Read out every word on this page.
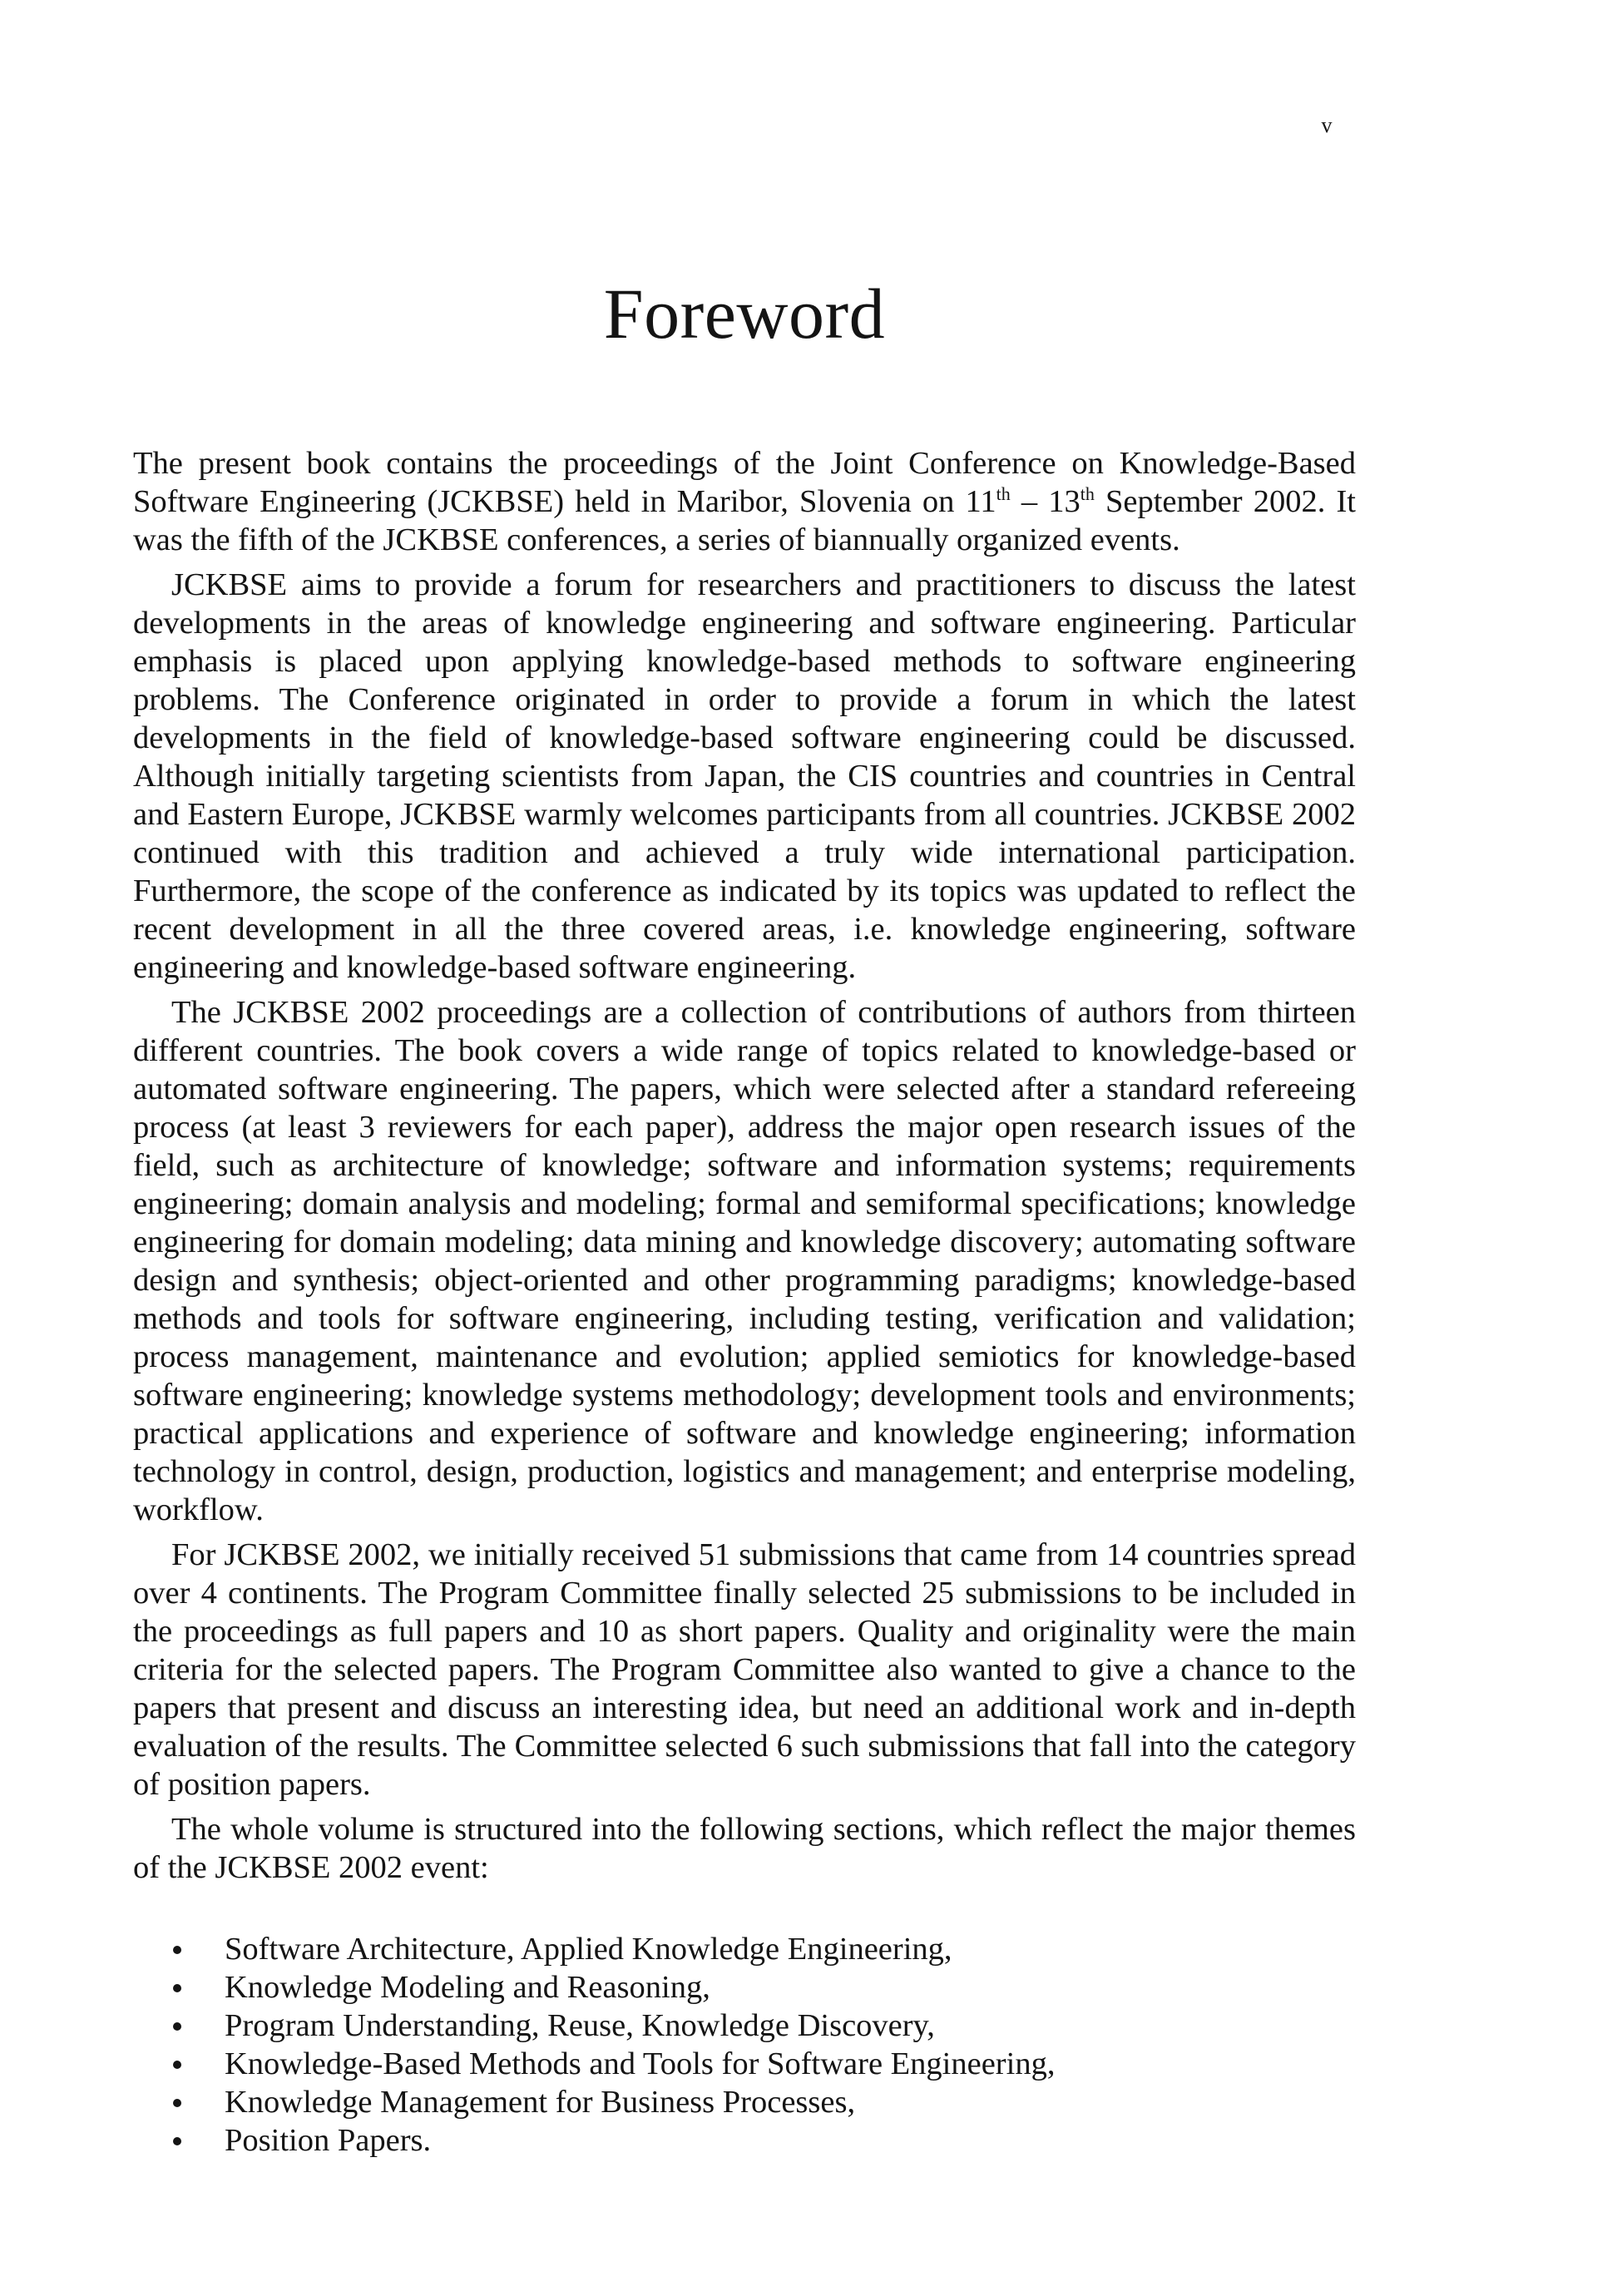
v
Foreword

The present book contains the proceedings of the Joint Conference on Knowledge-Based Software Engineering (JCKBSE) held in Maribor, Slovenia on 11th – 13th September 2002. It was the fifth of the JCKBSE conferences, a series of biannually organized events.

JCKBSE aims to provide a forum for researchers and practitioners to discuss the latest developments in the areas of knowledge engineering and software engineering. Particular emphasis is placed upon applying knowledge-based methods to software engineering problems. The Conference originated in order to provide a forum in which the latest developments in the field of knowledge-based software engineering could be discussed. Although initially targeting scientists from Japan, the CIS countries and countries in Central and Eastern Europe, JCKBSE warmly welcomes participants from all countries. JCKBSE 2002 continued with this tradition and achieved a truly wide international participation. Furthermore, the scope of the conference as indicated by its topics was updated to reflect the recent development in all the three covered areas, i.e. knowledge engineering, software engineering and knowledge-based software engineering.

The JCKBSE 2002 proceedings are a collection of contributions of authors from thirteen different countries. The book covers a wide range of topics related to knowledge-based or automated software engineering. The papers, which were selected after a standard refereeing process (at least 3 reviewers for each paper), address the major open research issues of the field, such as architecture of knowledge; software and information systems; requirements engineering; domain analysis and modeling; formal and semiformal specifications; knowledge engineering for domain modeling; data mining and knowledge discovery; automating software design and synthesis; object-oriented and other programming paradigms; knowledge-based methods and tools for software engineering, including testing, verification and validation; process management, maintenance and evolution; applied semiotics for knowledge-based software engineering; knowledge systems methodology; development tools and environments; practical applications and experience of software and knowledge engineering; information technology in control, design, production, logistics and management; and enterprise modeling, workflow.

For JCKBSE 2002, we initially received 51 submissions that came from 14 countries spread over 4 continents. The Program Committee finally selected 25 submissions to be included in the proceedings as full papers and 10 as short papers. Quality and originality were the main criteria for the selected papers. The Program Committee also wanted to give a chance to the papers that present and discuss an interesting idea, but need an additional work and in-depth evaluation of the results. The Committee selected 6 such submissions that fall into the category of position papers.

The whole volume is structured into the following sections, which reflect the major themes of the JCKBSE 2002 event:

Software Architecture, Applied Knowledge Engineering,
Knowledge Modeling and Reasoning,
Program Understanding, Reuse, Knowledge Discovery,
Knowledge-Based Methods and Tools for Software Engineering,
Knowledge Management for Business Processes,
Position Papers.
